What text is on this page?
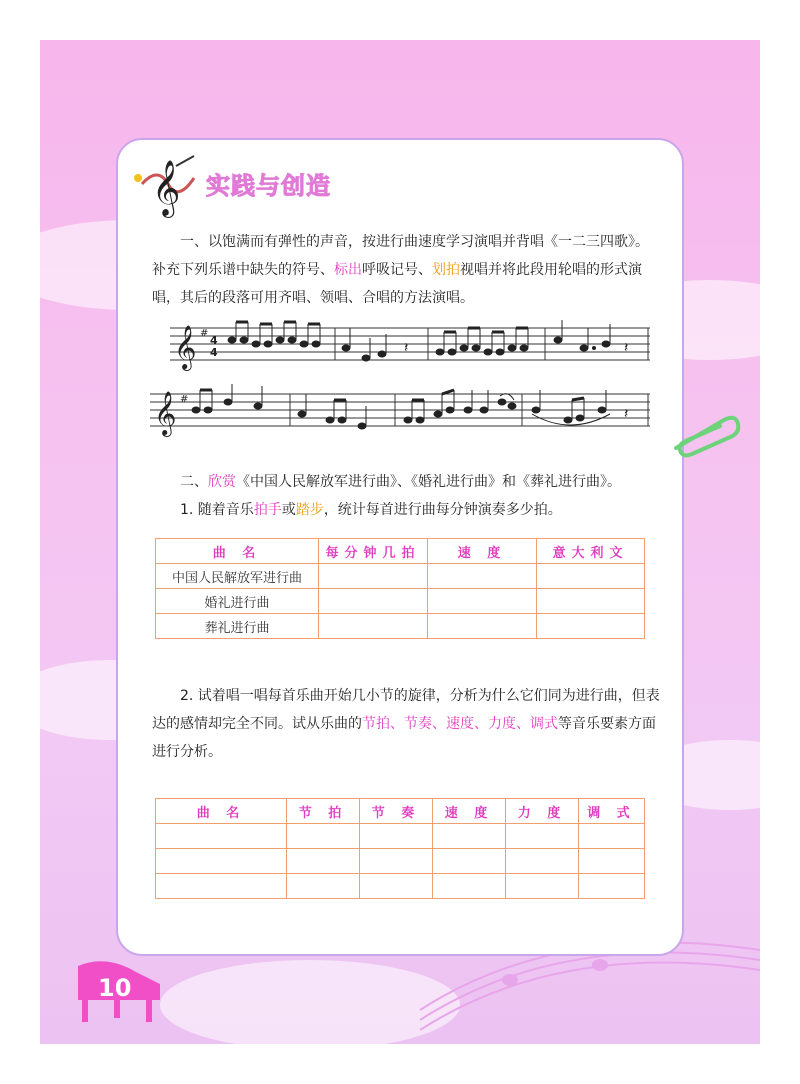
𝄞 实践与创造
一、以饱满而有弹性的声音，按进行曲速度学习演唱并背唱《一二三四歌》。补充下列乐谱中缺失的符号、标出呼吸记号、划拍视唱并将此段用轮唱的形式演唱，其后的段落可用齐唱、领唱、合唱的方法演唱。
𝄞 #
4
4	𝄽	𝄽
𝄞 #
𝄽
二、欣赏《中国人民解放军进行曲》、《婚礼进行曲》和《葬礼进行曲》。
1. 随着音乐拍手或踏步，统计每首进行曲每分钟演奏多少拍。
曲 名	每分钟几拍	速 度	意大利文
中国人民解放军进行曲			
婚礼进行曲			
葬礼进行曲			
2. 试着唱一唱每首乐曲开始几小节的旋律，分析为什么它们同为进行曲，但表达的感情却完全不同。试从乐曲的节拍、节奏、速度、力度、调式等音乐要素方面进行分析。
曲 名	节 拍	节 奏	速 度	力 度	调 式

10
